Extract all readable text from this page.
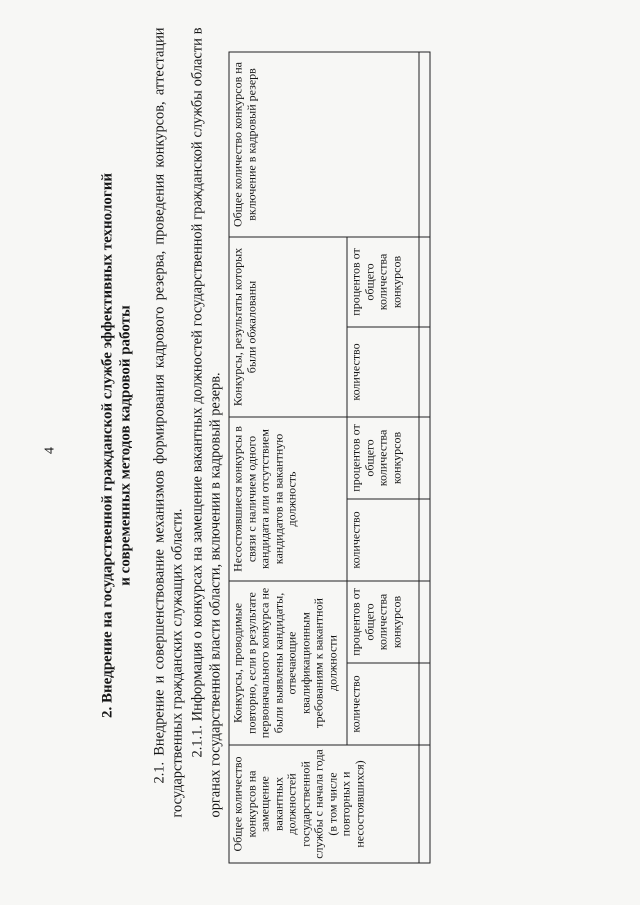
4	2. Внедрение на государственной гражданской службе эффективных технологий и современных методов кадровой работы 2.1. Внедрение и совершенствование механизмов формирования кадрового резерва, проведения конкурсов, аттестации государственных гражданских служащих области. 2.1.1. Информация о конкурсах на замещение вакантных должностей государственной гражданской службы области в органах государственной власти области, включении в кадровый резерв. Общее количество конкурсов на замещение вакантных должностей государственной службы с начала года (в том числе повторных и несостоявшихся)	Конкурсы, проводимые повторно, если в результате первоначального конкурса не были выявлены кандидаты, отвечающие квалификационным требованиям к вакантной должности		Несостоявшиеся конкурсы в связи с наличием одного кандидата или отсутствием кандидатов на вакантную должность		Конкурсы, результаты которых были обжалованы		Общее количество конкурсов на включение в кадровый резерв
	количество	процентов от общего количества конкурсов	количество	процентов от общего количества конкурсов	количество	процентов от общего количества конкурсов	
